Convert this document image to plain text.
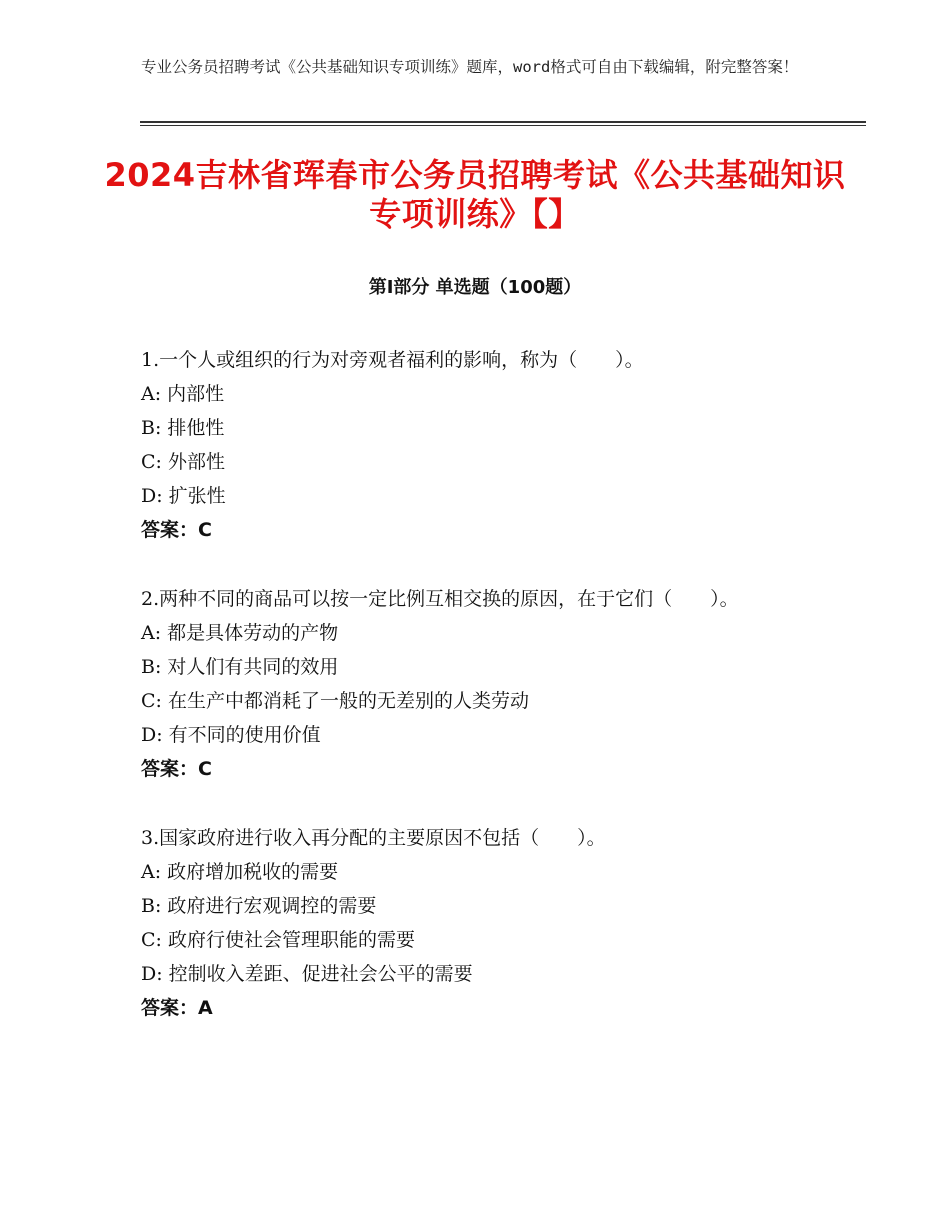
专业公务员招聘考试《公共基础知识专项训练》题库，word格式可自由下载编辑，附完整答案！
2024吉林省珲春市公务员招聘考试《公共基础知识专项训练》【】
第Ⅰ部分 单选题（100题）
1.一个人或组织的行为对旁观者福利的影响，称为（　　）。
A: 内部性
B: 排他性
C: 外部性
D: 扩张性
答案：C
2.两种不同的商品可以按一定比例互相交换的原因，在于它们（　　）。
A: 都是具体劳动的产物
B: 对人们有共同的效用
C: 在生产中都消耗了一般的无差别的人类劳动
D: 有不同的使用价值
答案：C
3.国家政府进行收入再分配的主要原因不包括（　　）。
A: 政府增加税收的需要
B: 政府进行宏观调控的需要
C: 政府行使社会管理职能的需要
D: 控制收入差距、促进社会公平的需要
答案：A
